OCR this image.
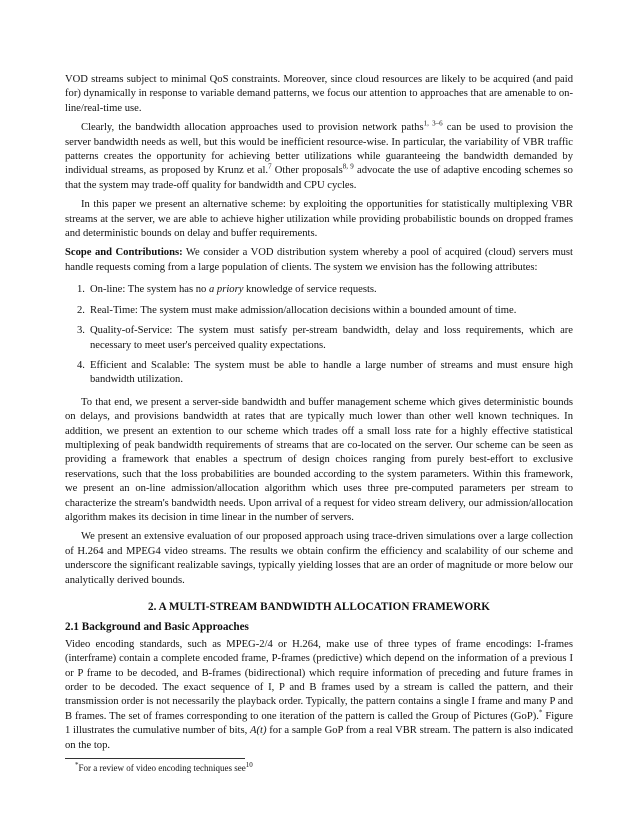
VOD streams subject to minimal QoS constraints. Moreover, since cloud resources are likely to be acquired (and paid for) dynamically in response to variable demand patterns, we focus our attention to approaches that are amenable to on-line/real-time use.

Clearly, the bandwidth allocation approaches used to provision network paths$^{1, 3-6}$ can be used to provision the server bandwidth needs as well, but this would be inefficient resource-wise. In particular, the variability of VBR traffic patterns creates the opportunity for achieving better utilizations while guaranteeing the bandwidth demanded by individual streams, as proposed by Krunz et al.$^7$ Other proposals$^{8, 9}$ advocate the use of adaptive encoding schemes so that the system may trade-off quality for bandwidth and CPU cycles.

In this paper we present an alternative scheme: by exploiting the opportunities for statistically multiplexing VBR streams at the server, we are able to achieve higher utilization while providing probabilistic bounds on dropped frames and deterministic bounds on delay and buffer requirements.

Scope and Contributions: We consider a VOD distribution system whereby a pool of acquired (cloud) servers must handle requests coming from a large population of clients. The system we envision has the following attributes:

1. On-line: The system has no a priory knowledge of service requests.
2. Real-Time: The system must make admission/allocation decisions within a bounded amount of time.
3. Quality-of-Service: The system must satisfy per-stream bandwidth, delay and loss requirements, which are necessary to meet user's perceived quality expectations.
4. Efficient and Scalable: The system must be able to handle a large number of streams and must ensure high bandwidth utilization.

To that end, we present a server-side bandwidth and buffer management scheme which gives deterministic bounds on delays, and provisions bandwidth at rates that are typically much lower than other well known techniques. In addition, we present an extention to our scheme which trades off a small loss rate for a highly effective statistical multiplexing of peak bandwidth requirements of streams that are co-located on the server. Our scheme can be seen as providing a framework that enables a spectrum of design choices ranging from purely best-effort to exclusive reservations, such that the loss probabilities are bounded according to the system parameters. Within this framework, we present an on-line admission/allocation algorithm which uses three pre-computed parameters per stream to characterize the stream's bandwidth needs. Upon arrival of a request for video stream delivery, our admission/allocation algorithm makes its decision in time linear in the number of servers.

We present an extensive evaluation of our proposed approach using trace-driven simulations over a large collection of H.264 and MPEG4 video streams. The results we obtain confirm the efficiency and scalability of our scheme and underscore the significant realizable savings, typically yielding losses that are an order of magnitude or more below our analytically derived bounds.

2. A MULTI-STREAM BANDWIDTH ALLOCATION FRAMEWORK
2.1 Background and Basic Approaches

Video encoding standards, such as MPEG-2/4 or H.264, make use of three types of frame encodings: I-frames (interframe) contain a complete encoded frame, P-frames (predictive) which depend on the information of a previous I or P frame to be decoded, and B-frames (bidirectional) which require information of preceding and future frames in order to be decoded. The exact sequence of I, P and B frames used by a stream is called the pattern, and their transmission order is not necessarily the playback order. Typically, the pattern contains a single I frame and many P and B frames. The set of frames corresponding to one iteration of the pattern is called the Group of Pictures (GoP).* Figure 1 illustrates the cumulative number of bits, A(t) for a sample GoP from a real VBR stream. The pattern is also indicated on the top.

*For a review of video encoding techniques see$^{10}$
